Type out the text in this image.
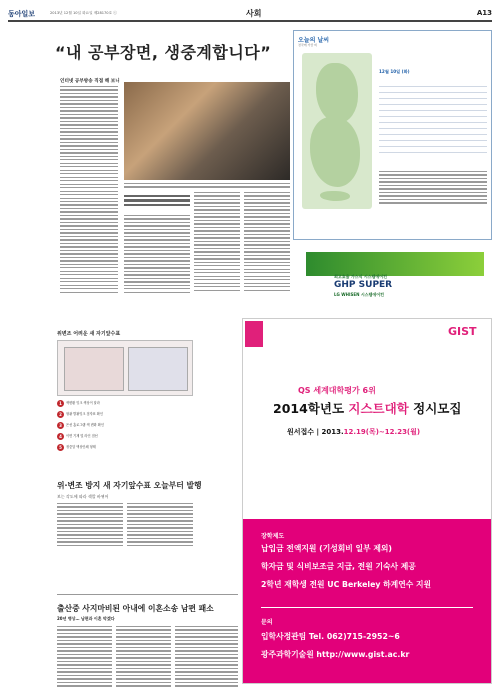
동아일보	2013년 12월 10일 화요일 제28170호 ⓒ	사회	A13
“ 내 공부장면, 생중계합니다 ”
인터넷 공부방송 직접 해 보니
오늘의 날씨
전국에 가끔 비
12월 10일 (화)
최고효율 가스식 시스템에어컨
GHP SUPER
LG WHISEN 시스템에어컨
위변조 어려운 새 자기앞수표
1	색변환 잉크 색상이 달라
2	형광 발광잉크 점자표 확인
3	은선 홀로그램 색 변화 확인
4	이면 기재 및 라인 점선
5	정중앙 액상인쇄 형태
위·변조 방지 새 자기앞수표 오늘부터 발행
보는 각도에 따라 색깔 바뀌어
출산중 사지마비된 아내에 이혼소송 남편 패소
20년 병상… 남편과 이혼 막겠다
GIST
QS 세계대학평가 6위
2014학년도 지스트대학 정시모집
원서접수 | 2013.12.19(목)~12.23(월)
장학제도
납입금 전액지원 (기성회비 일부 제외)
학자금 및 식비보조금 지급, 전원 기숙사 제공
2학년 재학생 전원 UC Berkeley 하계연수 지원
문의
입학사정관팀 Tel. 062)715-2952~6
광주과학기술원 http://www.gist.ac.kr
